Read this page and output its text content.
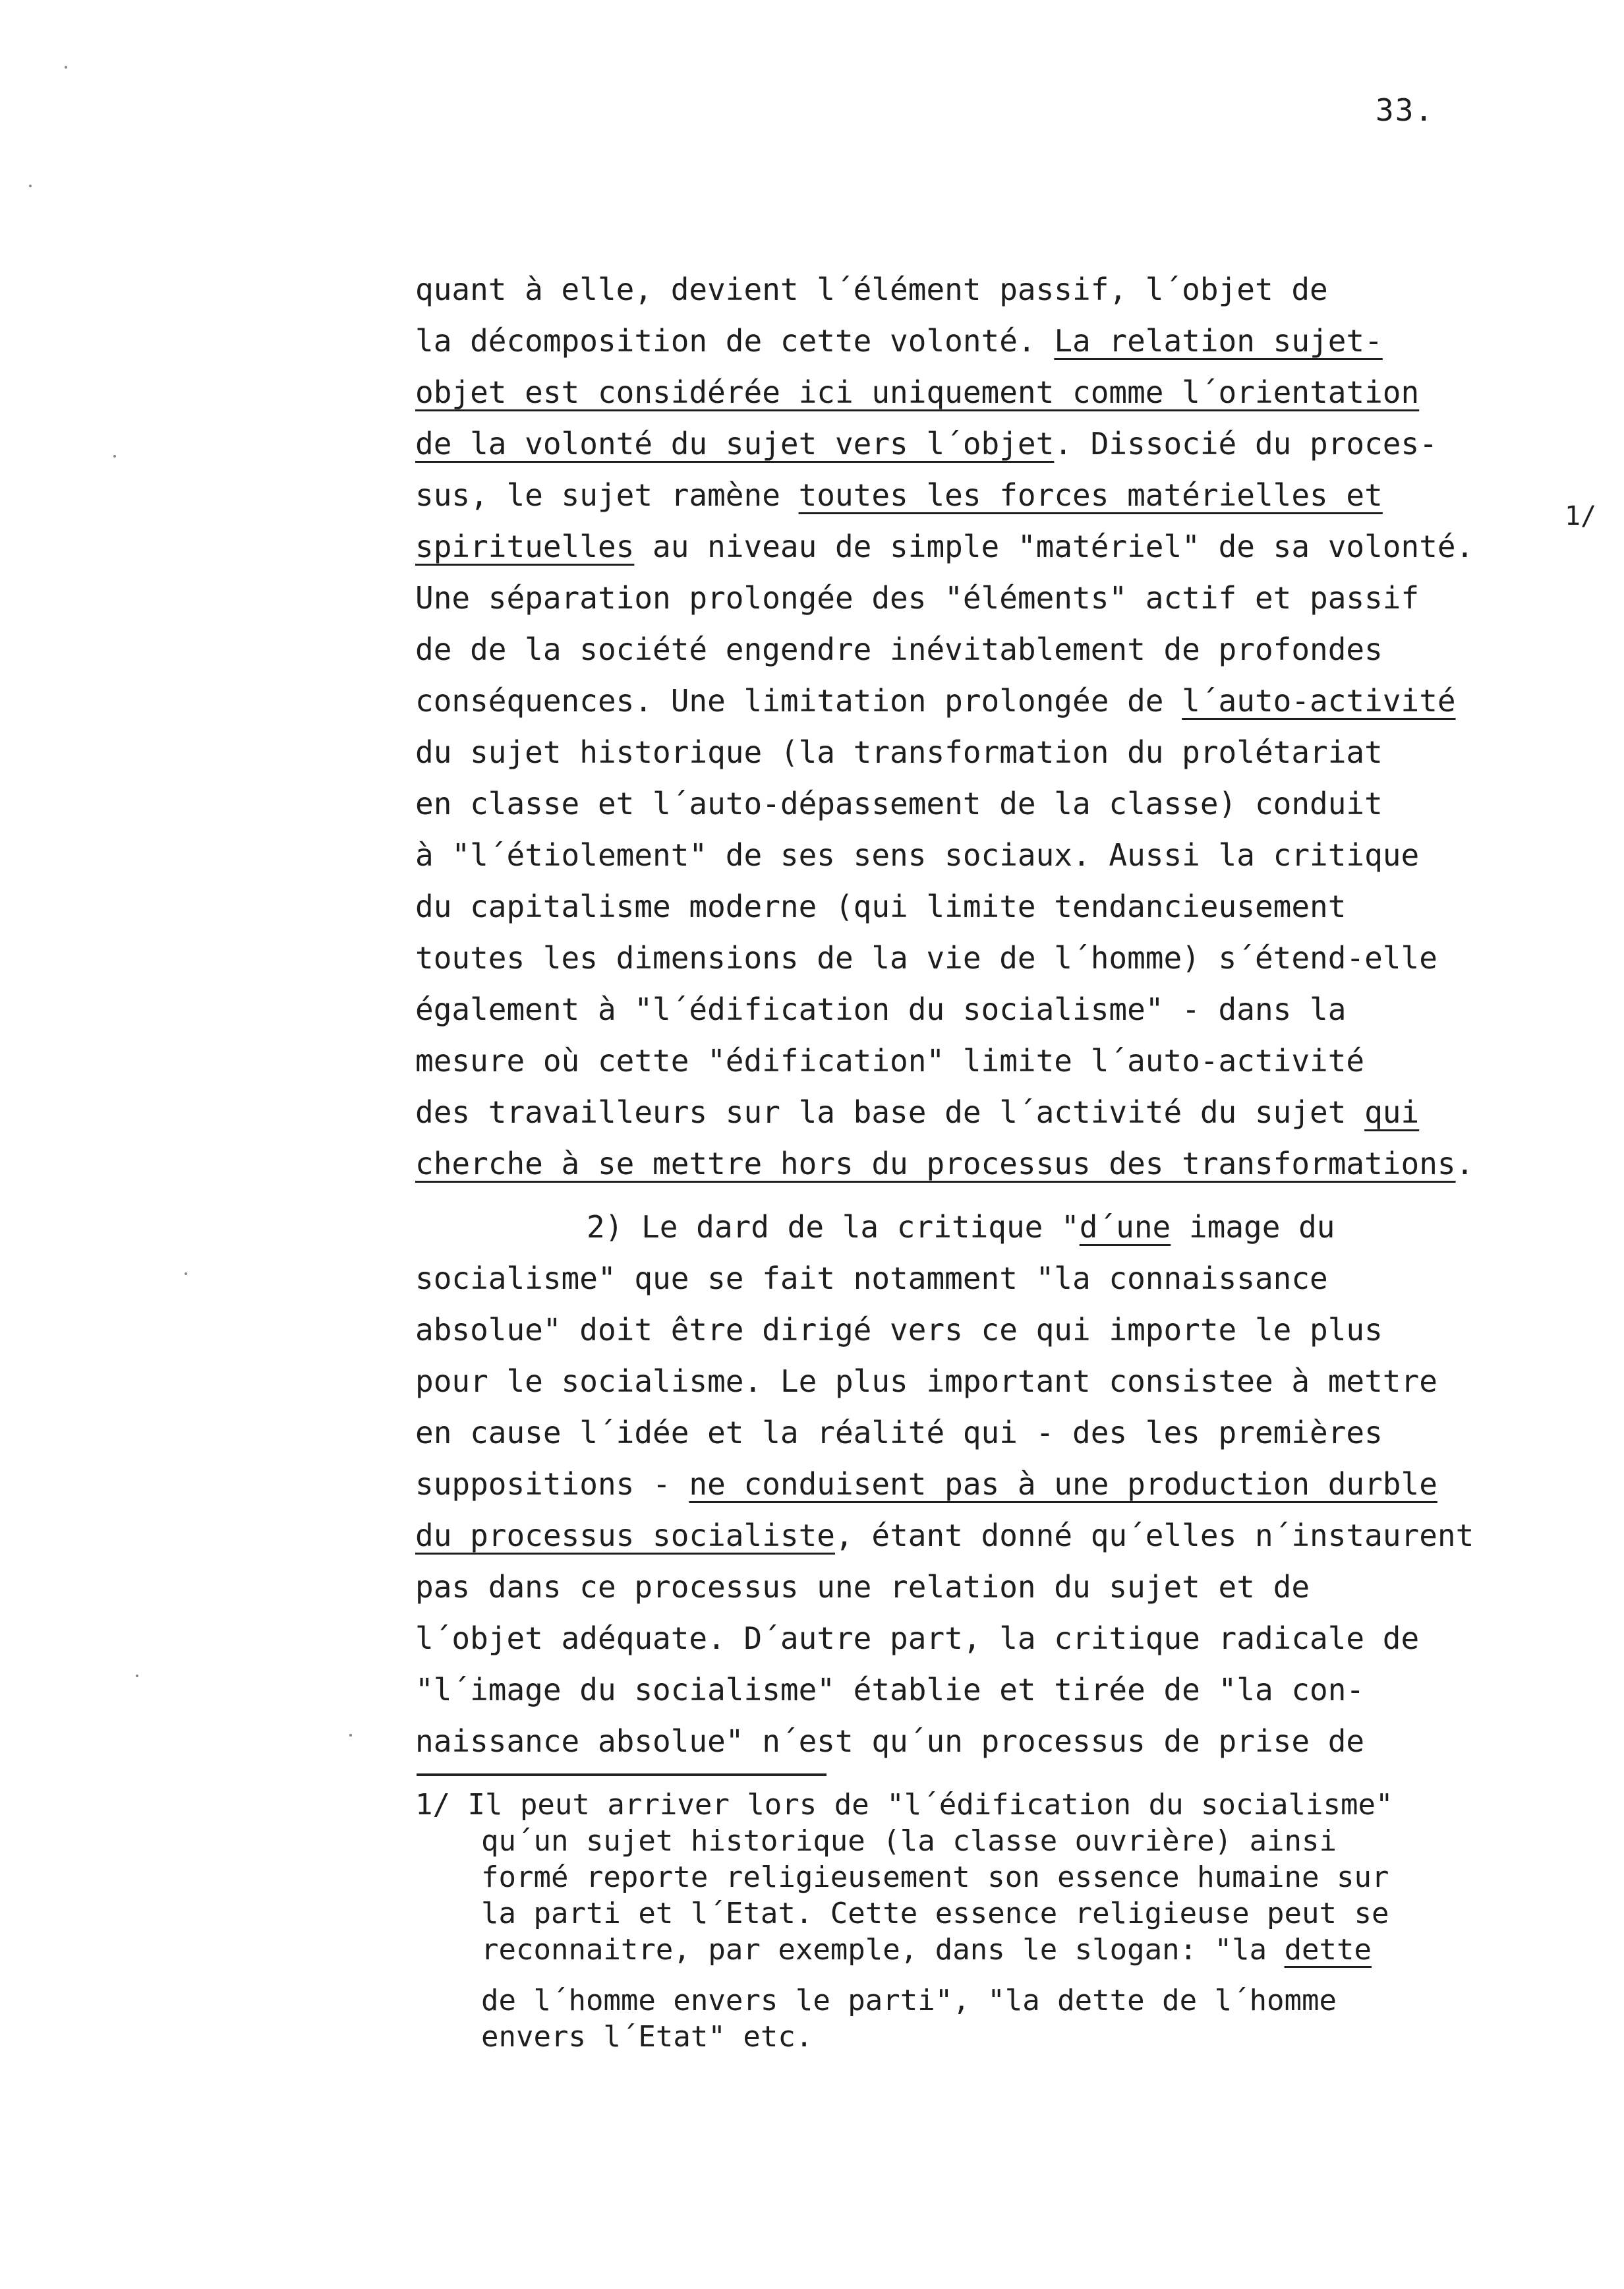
33.
quant à elle, devient l´élément passif, l´objet de
la décomposition de cette volonté. La relation sujet-
objet est considérée ici uniquement comme l´orientation
de la volonté du sujet vers l´objet. Dissocié du proces-
sus, le sujet ramène toutes les forces matérielles et
spirituelles au niveau de simple "matériel" de sa volonté.
Une séparation prolongée des "éléments" actif et passif
de de la société engendre inévitablement de profondes
conséquences. Une limitation prolongée de l´auto-activité
du sujet historique (la transformation du prolétariat
en classe et l´auto-dépassement de la classe) conduit
à "l´étiolement" de ses sens sociaux. Aussi la critique
du capitalisme moderne (qui limite tendancieusement
toutes les dimensions de la vie de l´homme) s´étend-elle
également à "l´édification du socialisme" - dans la
mesure où cette "édification" limite l´auto-activité
des travailleurs sur la base de l´activité du sujet qui
cherche à se mettre hors du processus des transformations.
2) Le dard de la critique "d´une image du
socialisme" que se fait notamment "la connaissance
absolue" doit être dirigé vers ce qui importe le plus
pour le socialisme. Le plus important consistee à mettre
en cause l´idée et la réalité qui - des les premières
suppositions - ne conduisent pas à une production durble
du processus socialiste, étant donné qu´elles n´instaurent
pas dans ce processus une relation du sujet et de
l´objet adéquate. D´autre part, la critique radicale de
"l´image du socialisme" établie et tirée de "la con-
naissance absolue" n´est qu´un processus de prise de
1/
1/ Il peut arriver lors de "l´édification du socialisme"
qu´un sujet historique (la classe ouvrière) ainsi
formé reporte religieusement son essence humaine sur
la parti et l´Etat. Cette essence religieuse peut se
reconnaitre, par exemple, dans le slogan: "la dette
de l´homme envers le parti", "la dette de l´homme
envers l´Etat" etc.
